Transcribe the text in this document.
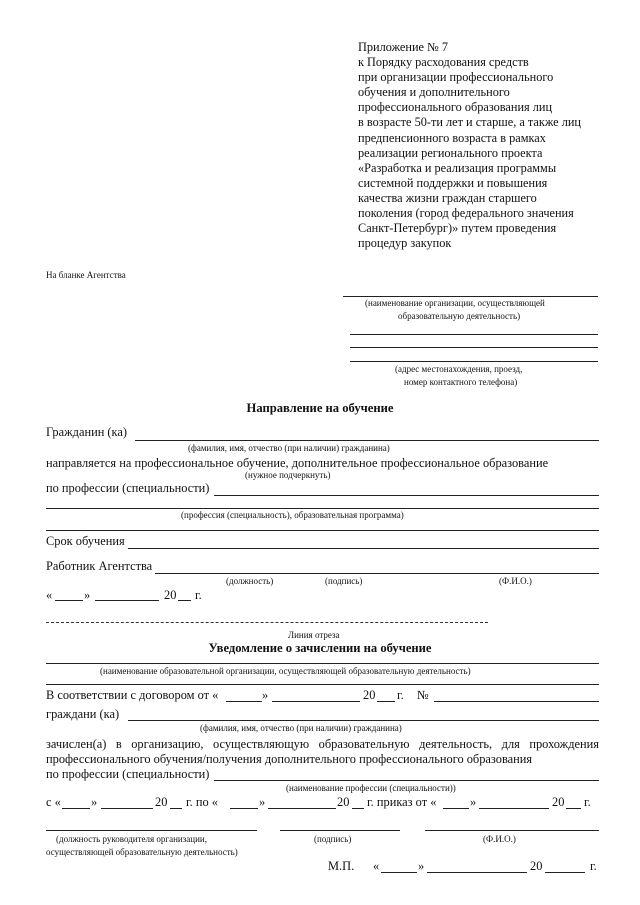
Приложение № 7
к Порядку расходования средств
при организации профессионального
обучения и дополнительного
профессионального образования лиц
в возрасте 50-ти лет и старше, а также лиц
предпенсионного возраста в рамках
реализации регионального проекта
«Разработка и реализация программы
системной поддержки и повышения
качества жизни граждан старшего
поколения (город федерального значения
Санкт-Петербург)» путем проведения
процедур закупок
На бланке Агентства
(наименование организации, осуществляющей
образовательную деятельность)
(адрес местонахождения, проезд,
номер контактного телефона)
Направление на обучение
Гражданин (ка)
(фамилия, имя, отчество (при наличии) гражданина)
направляется на профессиональное обучение, дополнительное профессиональное образование
(нужное подчеркнуть)
по профессии (специальности)
(профессия (специальность), образовательная программа)
Срок обучения
Работник Агентства
(должность)	(подпись)	(Ф.И.О.)
«	»	20 г.
Линия отреза
Уведомление о зачислении на обучение
(наименование образовательной организации, осуществляющей образовательную деятельность)
В соответствии с договором от «	»	20 г. №
граждани (ка)
(фамилия, имя, отчество (при наличии) гражданина)
зачислен(а) в организацию, осуществляющую образовательную деятельность, для прохождения
профессионального обучения/получения дополнительного профессионального образования
по профессии (специальности)
(наименование профессии (специальности))
с « »	20 г. по «	»	20 г. приказ от «	»	20 г.
(должность руководителя организации,
осуществляющей образовательную деятельность)
(подпись)	(Ф.И.О.)
М.П. «	»	20	г.
